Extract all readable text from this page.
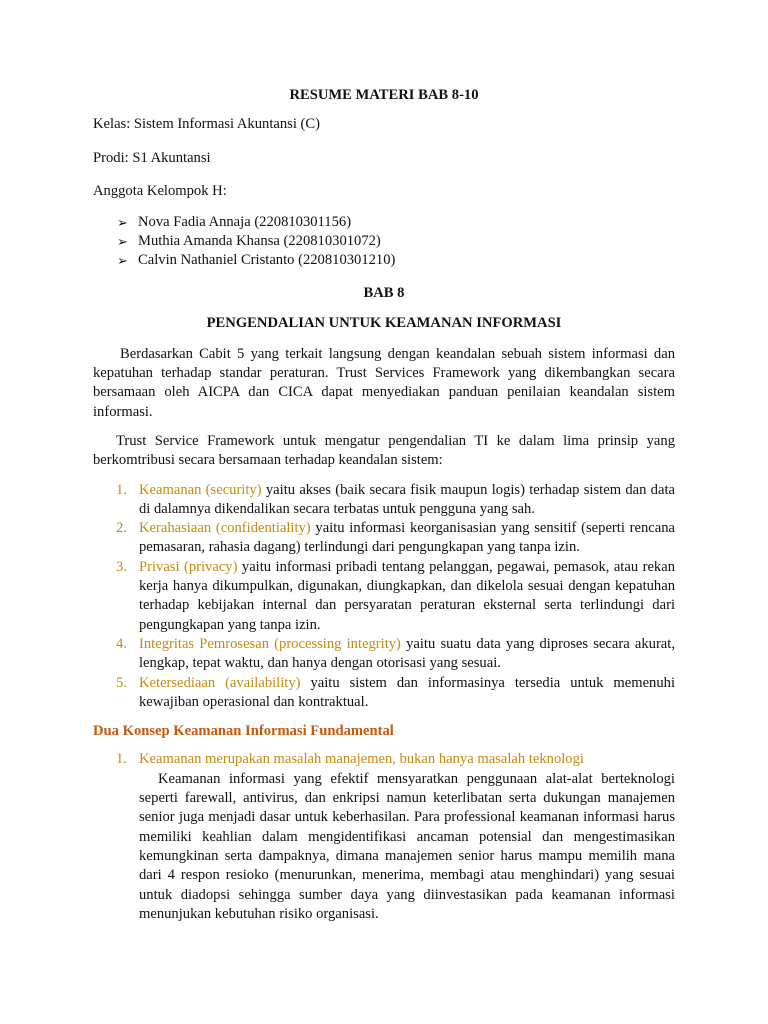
RESUME MATERI BAB 8-10

Kelas: Sistem Informasi Akuntansi (C)

Prodi: S1 Akuntansi

Anggota Kelompok H:

➢ Nova Fadia Annaja (220810301156)
➢ Muthia Amanda Khansa (220810301072)
➢ Calvin Nathaniel Cristanto (220810301210)

BAB 8

PENGENDALIAN UNTUK KEAMANAN INFORMASI

Berdasarkan Cabit 5 yang terkait langsung dengan keandalan sebuah sistem informasi dan kepatuhan terhadap standar peraturan. Trust Services Framework yang dikembangkan secara bersamaan oleh AICPA dan CICA dapat menyediakan panduan penilaian keandalan sistem informasi.

Trust Service Framework untuk mengatur pengendalian TI ke dalam lima prinsip yang berkomtribusi secara bersamaan terhadap keandalan sistem:

1. Keamanan (security) yaitu akses (baik secara fisik maupun logis) terhadap sistem dan data di dalamnya dikendalikan secara terbatas untuk pengguna yang sah.
2. Kerahasiaan (confidentiality) yaitu informasi keorganisasian yang sensitif (seperti rencana pemasaran, rahasia dagang) terlindungi dari pengungkapan yang tanpa izin.
3. Privasi (privacy) yaitu informasi pribadi tentang pelanggan, pegawai, pemasok, atau rekan kerja hanya dikumpulkan, digunakan, diungkapkan, dan dikelola sesuai dengan kepatuhan terhadap kebijakan internal dan persyaratan peraturan eksternal serta terlindungi dari pengungkapan yang tanpa izin.
4. Integritas Pemrosesan (processing integrity) yaitu suatu data yang diproses secara akurat, lengkap, tepat waktu, dan hanya dengan otorisasi yang sesuai.
5. Ketersediaan (availability) yaitu sistem dan informasinya tersedia untuk memenuhi kewajiban operasional dan kontraktual.

Dua Konsep Keamanan Informasi Fundamental

1. Keamanan merupakan masalah manajemen, bukan hanya masalah teknologi

Keamanan informasi yang efektif mensyaratkan penggunaan alat-alat berteknologi seperti farewall, antivirus, dan enkripsi namun keterlibatan serta dukungan manajemen senior juga menjadi dasar untuk keberhasilan. Para professional keamanan informasi harus memiliki keahlian dalam mengidentifikasi ancaman potensial dan mengestimasikan kemungkinan serta dampaknya, dimana manajemen senior harus mampu memilih mana dari 4 respon resioko (menurunkan, menerima, membagi atau menghindari) yang sesuai untuk diadopsi sehingga sumber daya yang diinvestasikan pada keamanan informasi menunjukan kebutuhan risiko organisasi.
